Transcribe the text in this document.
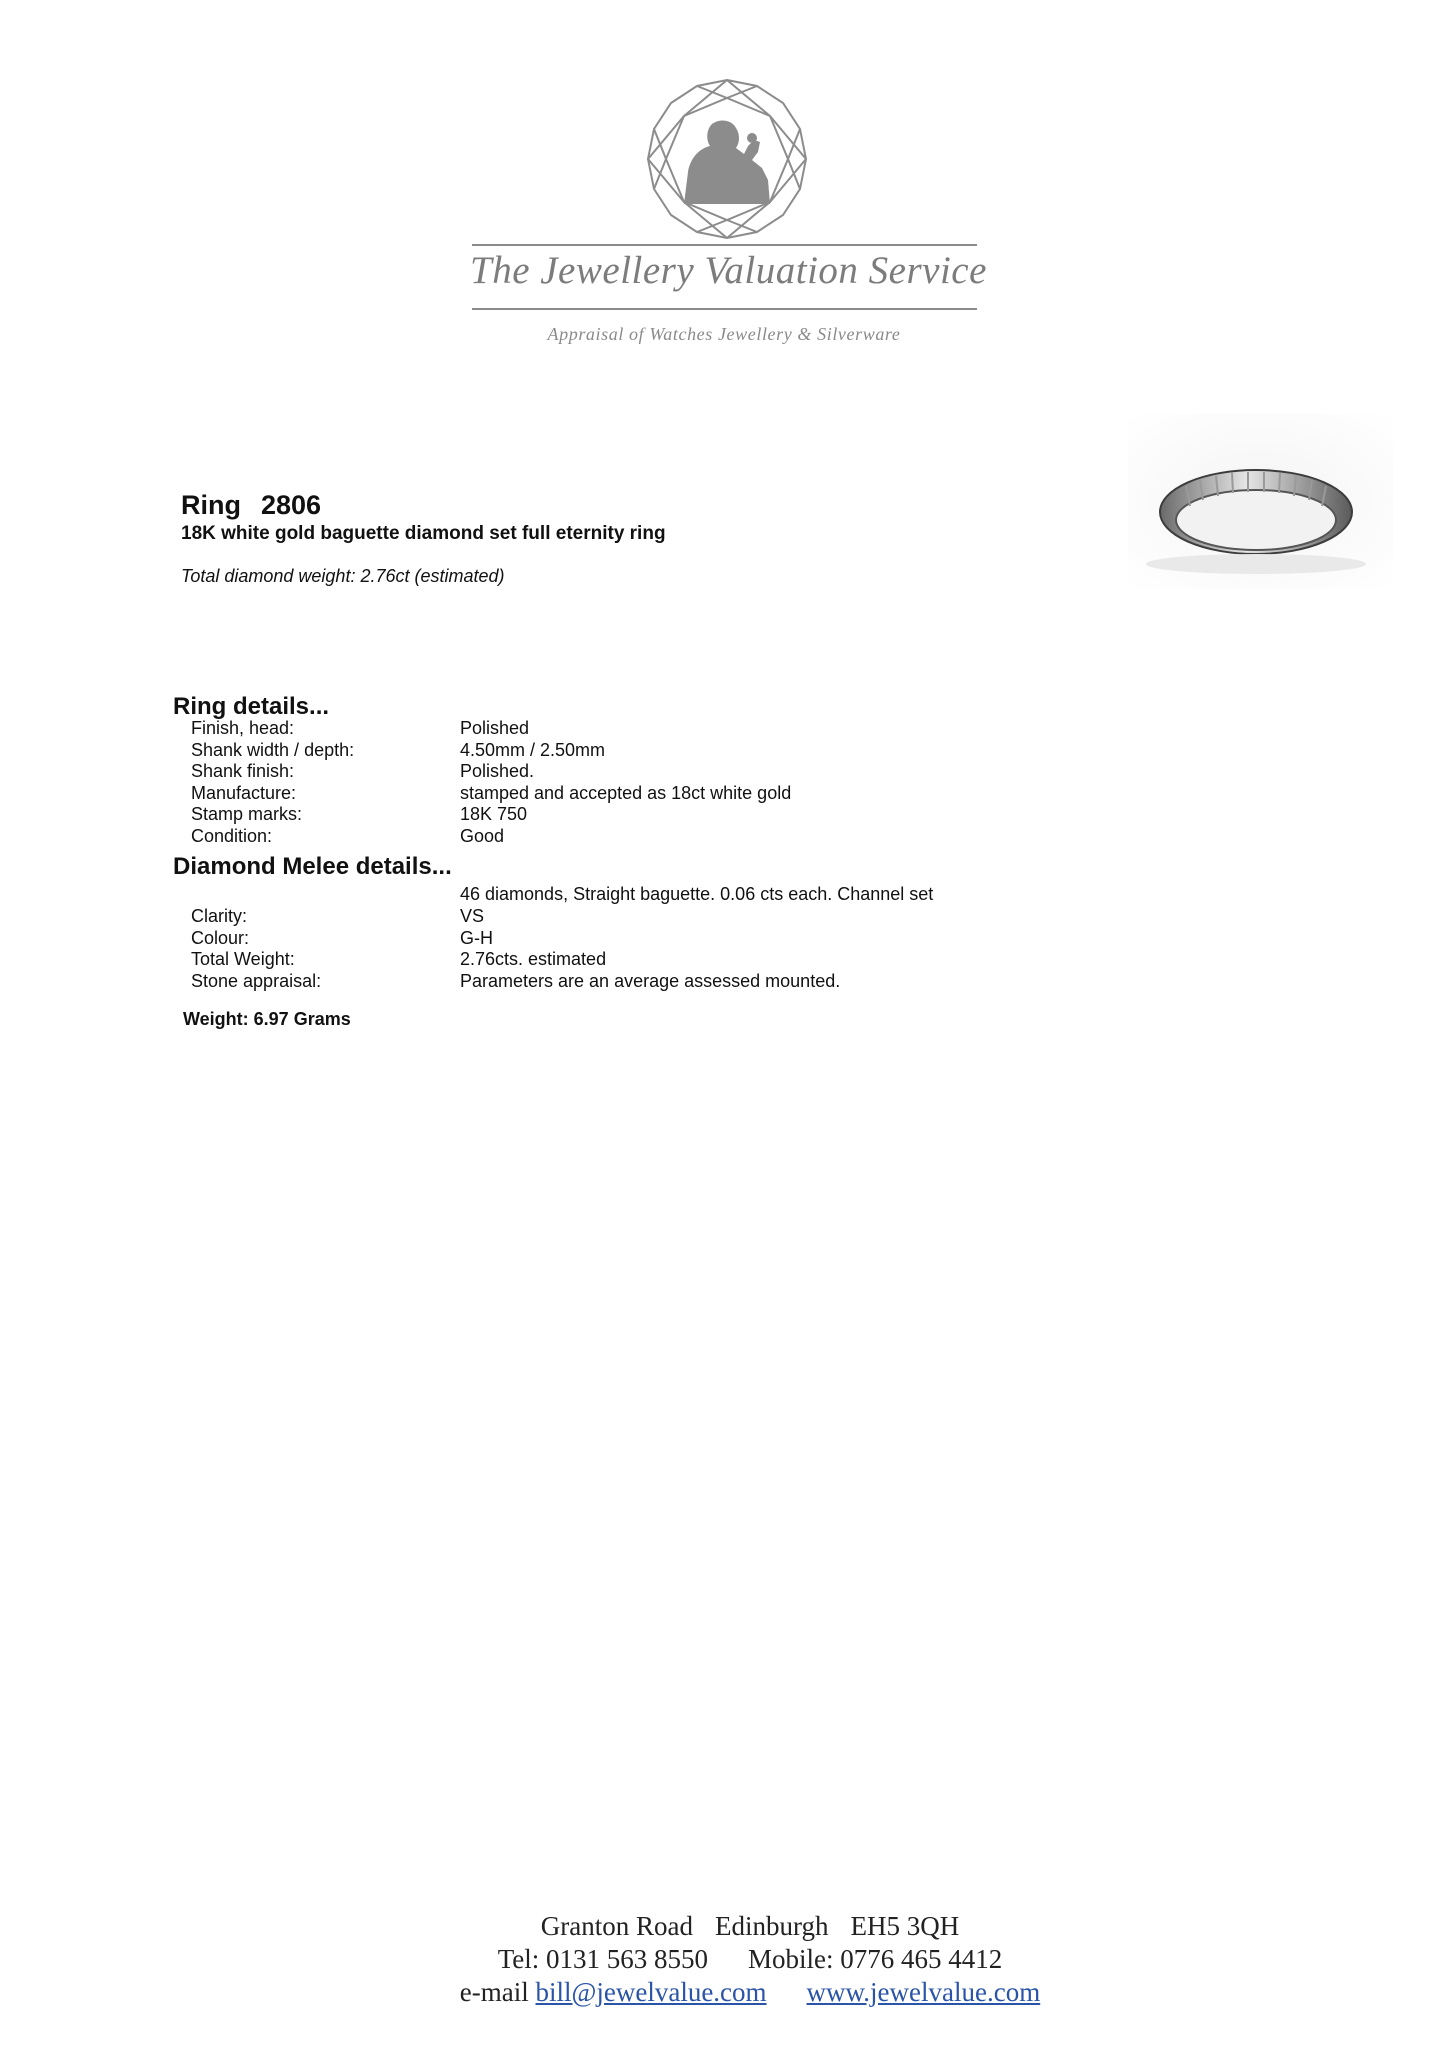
The Jewellery Valuation Service
Appraisal of Watches Jewellery & Silverware
Ring 2806
18K white gold baguette diamond set full eternity ring
Total diamond weight: 2.76ct (estimated)
Ring details...
Finish, head:	Polished
Shank width / depth:	4.50mm / 2.50mm
Shank finish:	Polished.
Manufacture:	stamped and accepted as 18ct white gold
Stamp marks:	18K 750
Condition:	Good
Diamond Melee details...
46 diamonds, Straight baguette. 0.06 cts each. Channel set
Clarity:	VS
Colour:	G-H
Total Weight:	2.76cts. estimated
Stone appraisal:	Parameters are an average assessed mounted.
Weight: 6.97 Grams
Granton Road Edinburgh EH5 3QH
Tel: 0131 563 8550 Mobile: 0776 465 4412
e-mail bill@jewelvalue.com www.jewelvalue.com
